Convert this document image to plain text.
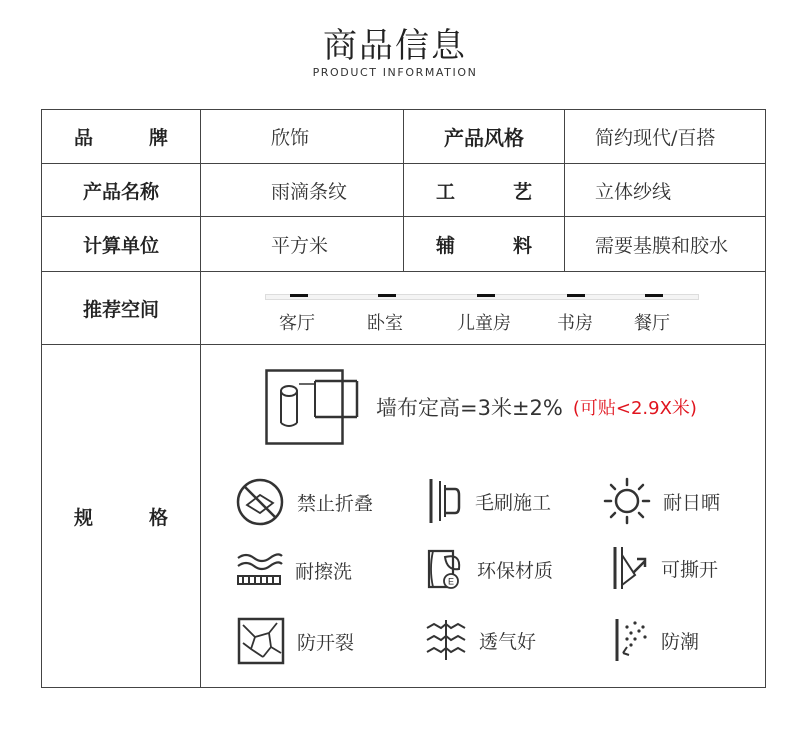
商品信息
PRODUCT INFORMATION
品	牌	欣饰	产品风格	简约现代/百搭
产品名称	雨滴条纹	工	艺	立体纱线
计算单位	平方米	辅	料	需要基膜和胶水
推荐空间
客厅	卧室	儿童房	书房 餐厅
规	格
墙布定高=3米±2% (可贴<2.9X米)
禁止折叠	毛刷施工	耐日晒
耐擦洗	E 环保材质	可撕开
防开裂	透气好	防潮
